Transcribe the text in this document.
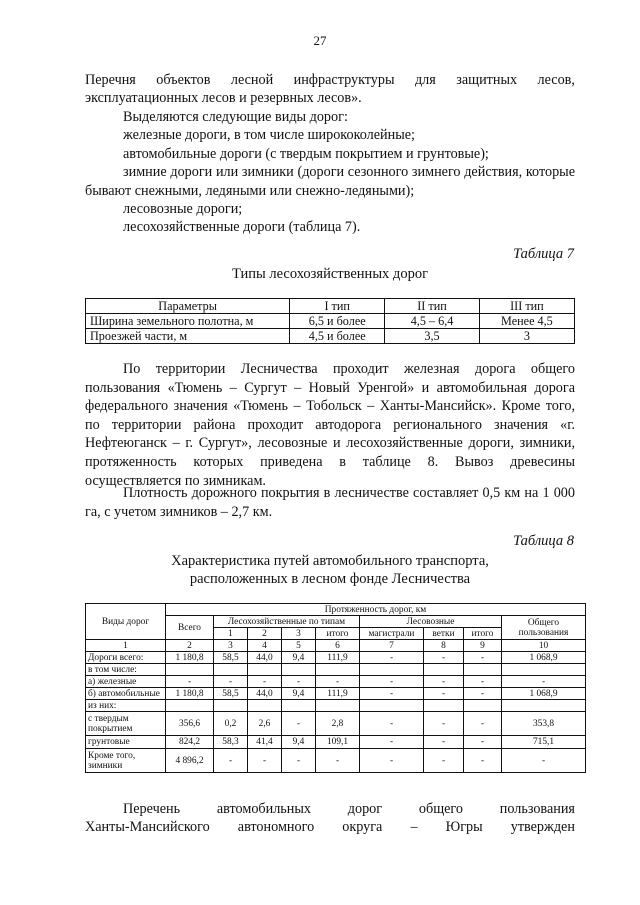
27
Перечня объектов лесной инфраструктуры для защитных лесов,
эксплуатационных лесов и резервных лесов».
Выделяются следующие виды дорог:
железные дороги, в том числе ширококолейные;
автомобильные дороги (с твердым покрытием и грунтовые);
зимние дороги или зимники (дороги сезонного зимнего действия, которые бывают снежными, ледяными или снежно-ледяными);
лесовозные дороги;
лесохозяйственные дороги (таблица 7).
Таблица 7
Типы лесохозяйственных дорог
Параметры	I тип	II тип	III тип
Ширина земельного полотна, м	6,5 и более	4,5 – 6,4	Менее 4,5
Проезжей части, м	4,5 и более	3,5	3
По территории Лесничества проходит железная дорога общего пользования «Тюмень – Сургут – Новый Уренгой» и автомобильная дорога федерального значения «Тюмень – Тобольск – Ханты-Мансийск». Кроме того, по территории района проходит автодорога регионального значения «г. Нефтеюганск – г. Сургут», лесовозные и лесохозяйственные дороги, зимники, протяженность которых приведена в таблице 8. Вывоз древесины осуществляется по зимникам.
Плотность дорожного покрытия в лесничестве составляет 0,5 км на 1 000 га, с учетом зимников – 2,7 км.
Таблица 8
Характеристика путей автомобильного транспорта,
расположенных в лесном фонде Лесничества
Виды дорог	Протяженность дорог, км								
	Всего	Лесохозяйственные по типам				Лесовозные			Общего пользования
		1	2	3	итого	магистрали	ветки	итого	
1	2	3	4	5	6	7	8	9	10
Дороги всего:	1 180,8	58,5	44,0	9,4	111,9	-	-	-	1 068,9
в том числе:									
а) железные	-	-	-	-	-	-	-	-	-
б) автомобильные	1 180,8	58,5	44,0	9,4	111,9	-	-	-	1 068,9
из них:									
с твердым покрытием	356,6	0,2	2,6	-	2,8	-	-	-	353,8
грунтовые	824,2	58,3	41,4	9,4	109,1	-	-	-	715,1
Кроме того, зимники	4 896,2	-	-	-	-	-	-	-	-
Перечень	автомобильных	дорог	общего	пользования
Ханты-Мансийского автономного округа – Югры утвержден
